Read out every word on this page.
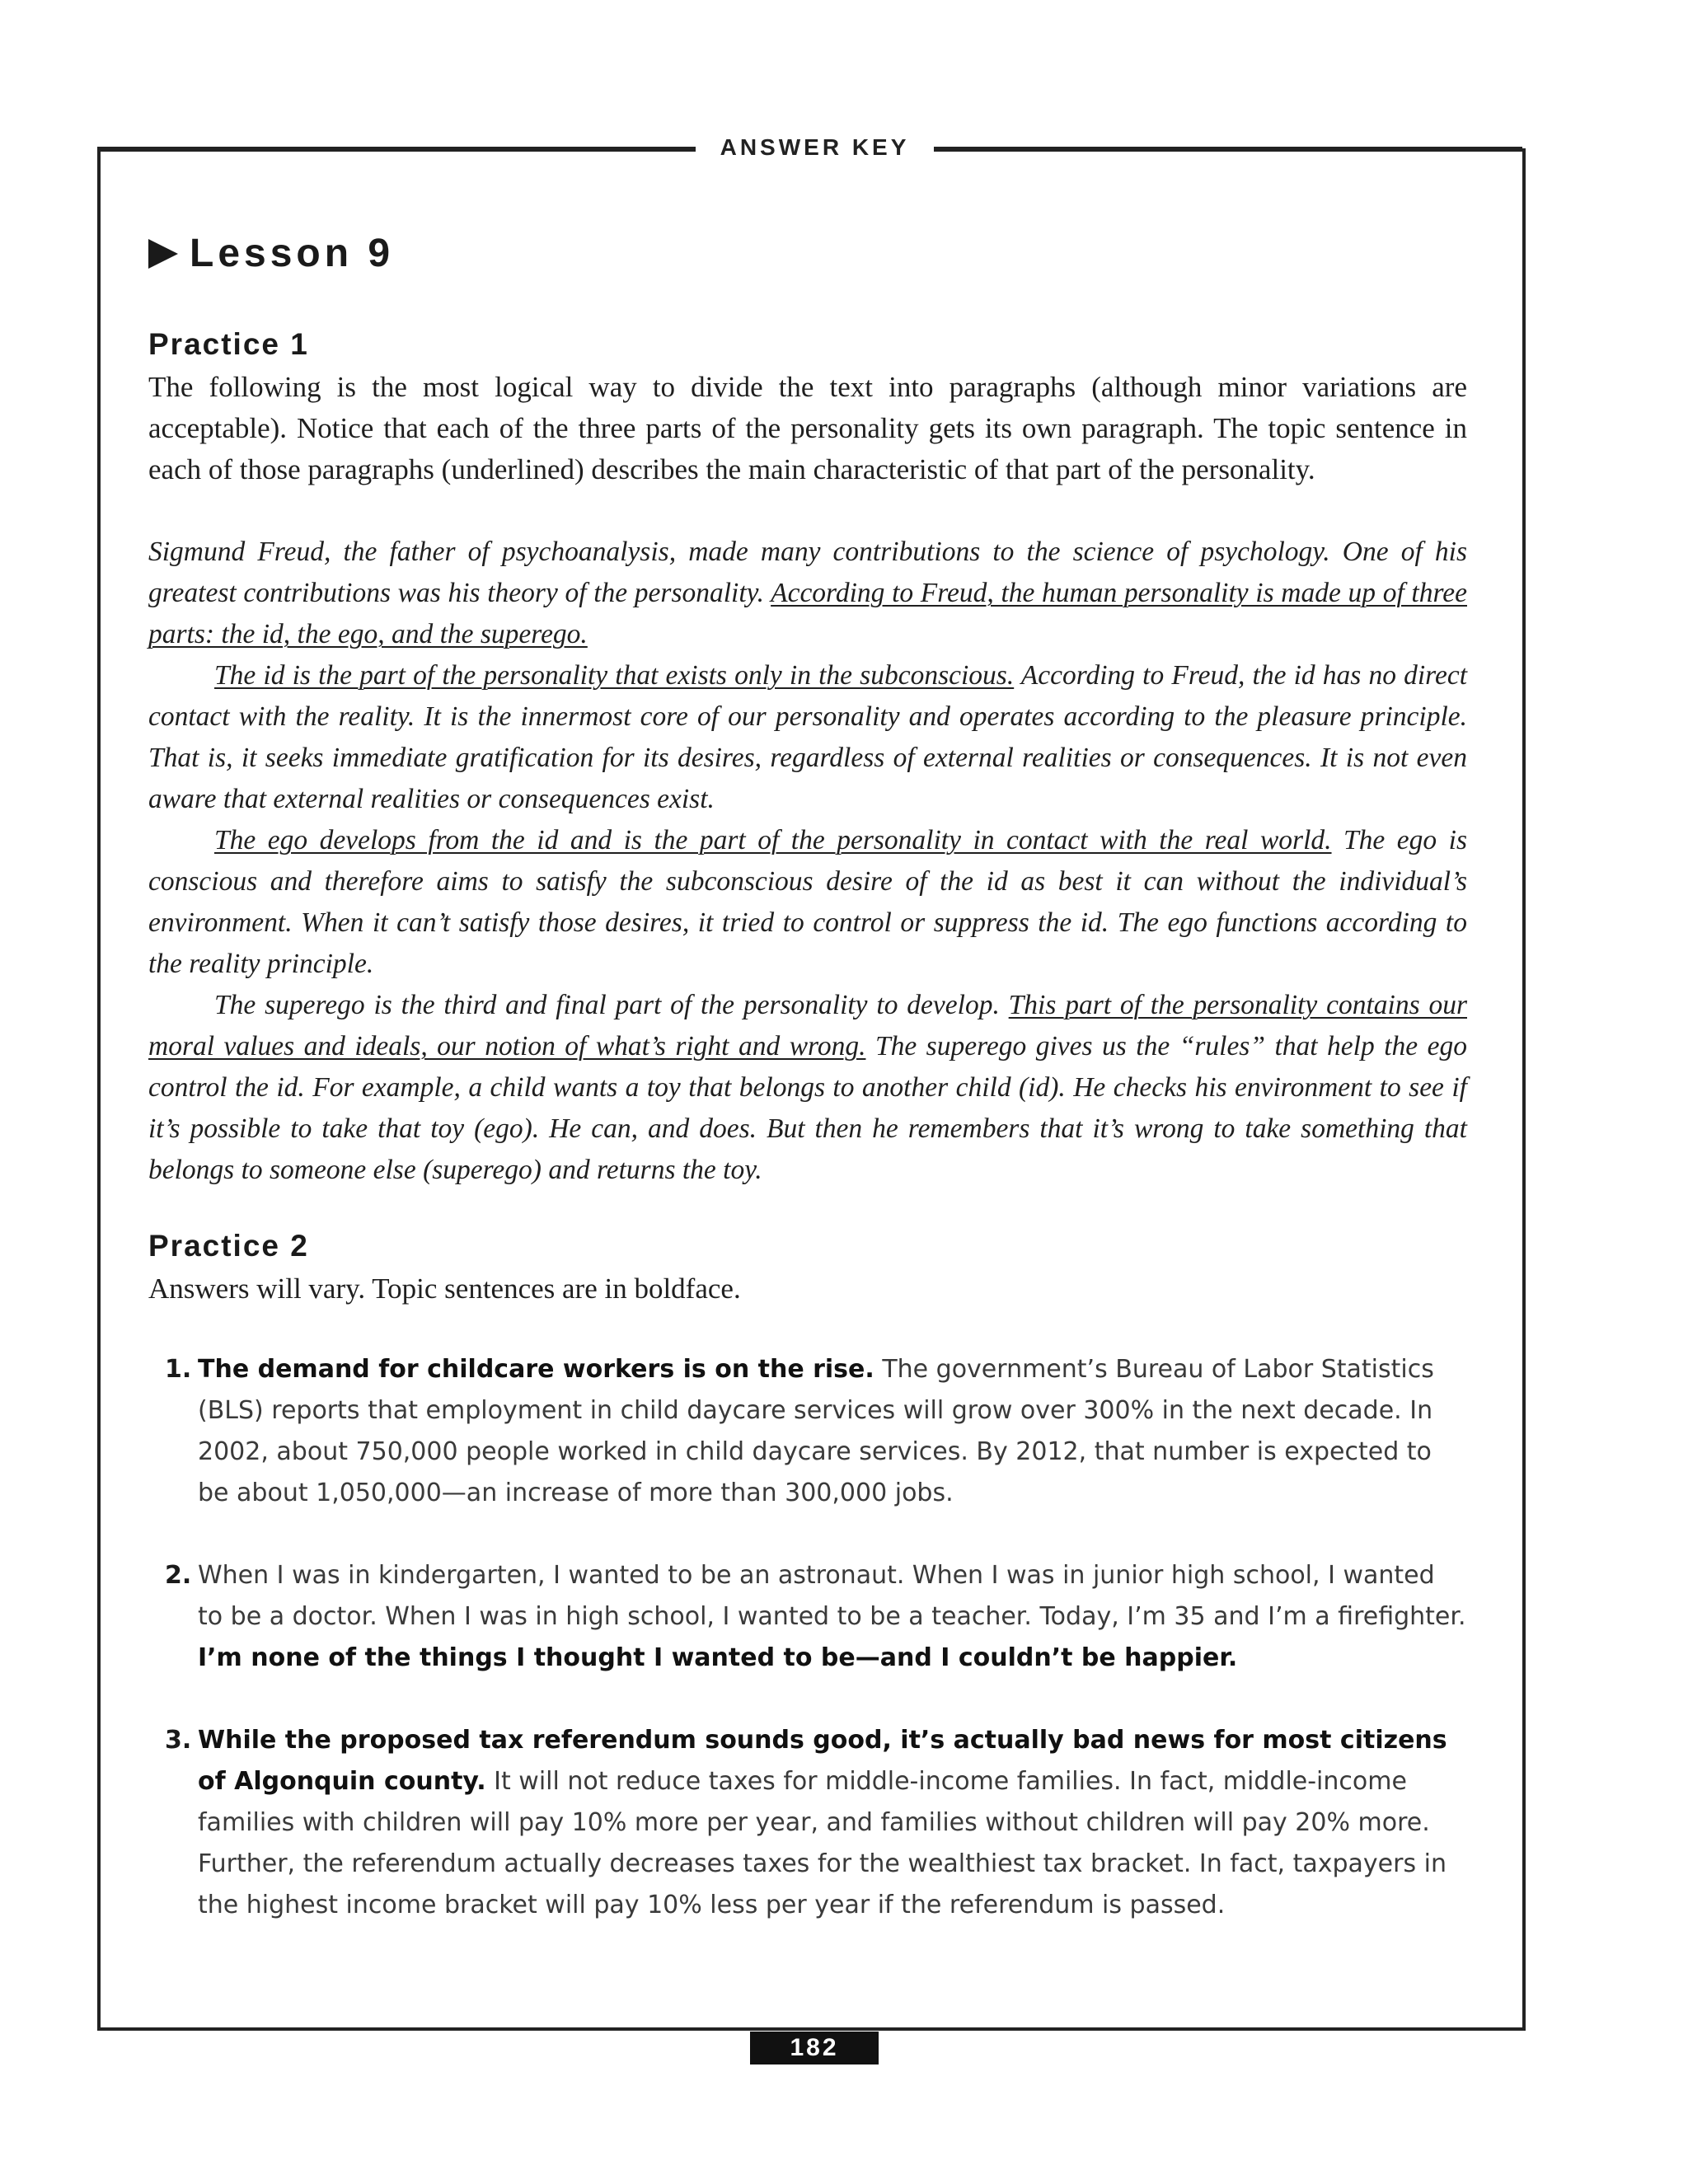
ANSWER KEY
Lesson 9
Practice 1

The following is the most logical way to divide the text into paragraphs (although minor variations are acceptable). Notice that each of the three parts of the personality gets its own paragraph. The topic sentence in each of those paragraphs (underlined) describes the main characteristic of that part of the personality.

Sigmund Freud, the father of psychoanalysis, made many contributions to the science of psychology. One of his greatest contributions was his theory of the personality. According to Freud, the human personality is made up of three parts: the id, the ego, and the superego.

The id is the part of the personality that exists only in the subconscious. According to Freud, the id has no direct contact with the reality. It is the innermost core of our personality and operates according to the pleasure principle. That is, it seeks immediate gratification for its desires, regardless of external realities or consequences. It is not even aware that external realities or consequences exist.

The ego develops from the id and is the part of the personality in contact with the real world. The ego is conscious and therefore aims to satisfy the subconscious desire of the id as best it can without the individual’s environment. When it can’t satisfy those desires, it tried to control or suppress the id. The ego functions according to the reality principle.

The superego is the third and final part of the personality to develop. This part of the personality contains our moral values and ideals, our notion of what’s right and wrong. The superego gives us the “rules” that help the ego control the id. For example, a child wants a toy that belongs to another child (id). He checks his environment to see if it’s possible to take that toy (ego). He can, and does. But then he remembers that it’s wrong to take something that belongs to someone else (superego) and returns the toy.

Practice 2

Answers will vary. Topic sentences are in boldface.

1. The demand for childcare workers is on the rise. The government’s Bureau of Labor Statistics (BLS) reports that employment in child daycare services will grow over 300% in the next decade. In 2002, about 750,000 people worked in child daycare services. By 2012, that number is expected to be about 1,050,000—an increase of more than 300,000 jobs.
2. When I was in kindergarten, I wanted to be an astronaut. When I was in junior high school, I wanted to be a doctor. When I was in high school, I wanted to be a teacher. Today, I’m 35 and I’m a firefighter. I’m none of the things I thought I wanted to be—and I couldn’t be happier.
3. While the proposed tax referendum sounds good, it’s actually bad news for most citizens of Algonquin county. It will not reduce taxes for middle-income families. In fact, middle-income families with children will pay 10% more per year, and families without children will pay 20% more. Further, the referendum actually decreases taxes for the wealthiest tax bracket. In fact, taxpayers in the highest income bracket will pay 10% less per year if the referendum is passed.
182
